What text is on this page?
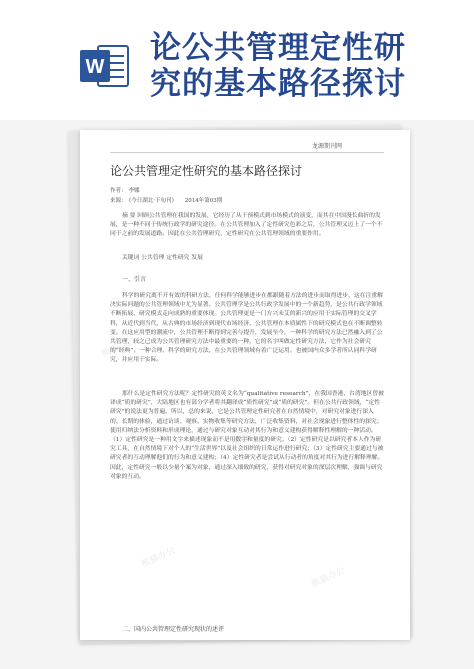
W
论公共管理定性研
究的基本路径探讨
龙源期刊网
论公共管理定性研究的基本路径探讨
作者： 李娜
来源： 《今日湖北·下旬刊》 2014年第03期

摘 要 回顾公共管理在我国的发展，它经历了从干预模式到市场模式的演变，而其在中国漫长曲折的发展，是一种不同于传统行政学的研究途径。在公共管理加入了定性研究色彩之后，公共管理又迈上了一个不同于之前的发展道路。因此在公共管理研究，定性研究在公共管理领域的重要作用。

关键词 公共管理 定性研究 发展
一、引言

科学的研究离不开有效的科研方法，任何科学能够进步在都跟随着方法的进步而取得进步，这在注重解决实际问题的公共管理领域中尤为显著。公共管理学是公共行政学发展中的一个新趋势，是公共行政学领域不断拓展、研究模式走向成熟的重要体现。公共管理更是一门方兴未艾的新兴的应用于实际管理的交叉学科，从近代到当代，从古典的市场经济到现代市场经济，公共管理在本质属性下的研究模式也在不断调整转变。在这应用型的潮流中，公共管理不断得到完善与提升，发展至今，一种科学的研究方法已然融入到了公共管理，较之已成为公共管理研究方法中最重要的一种，它的名字叫做定性研究方法，它作为社会研究的“经典”，一种合理、科学的研究方法，在公共管理领域有着广泛运用。也被国内众多学者所认同科学研究，并应用于实际。

那什么是定性研究方法呢？定性研究的英文名为“qualitative research”，在我国香港、台湾地区曾被译成“质的研究”，大陆地区也有部分学者将其翻译成“质性研究”或“质的研究”。但在公共行政领域，“定性研究”的说法更为普遍。所以，总的来说，它是公共管理定性研究者在自然情境中，对研究对象进行深入的、长期的体验，通过访谈、观察、实物收集等研究方法，广泛收集资料，对社会现象进行整体性的探究；使用归纳法分析资料和形成理论，通过与研究对象互动对其行为和意义建构获得解释性理解的一种活动。（1）定性研究是一种用文字来描述现象而不是用数字和量度的研究；（2）定性研究是以研究者本人作为研究工具，在自然情境下对个人的“生活世界”以及社会组织的日常运作进行研究；（3）定性研究主要通过与被研究者的互动理解他们的行为和意义建构；（4）定性研究者是尝试从行动者的角度对其行为进行解释理解。因此，定性研究一般以少量个案为对象，通过深入细致的研究，获得对研究对象的深层次理解，强调与研究对象的互动。

二、国内公共管理定性研究现状的述评
熊猫办公
熊猫办公
熊猫办公
熊猫办公
